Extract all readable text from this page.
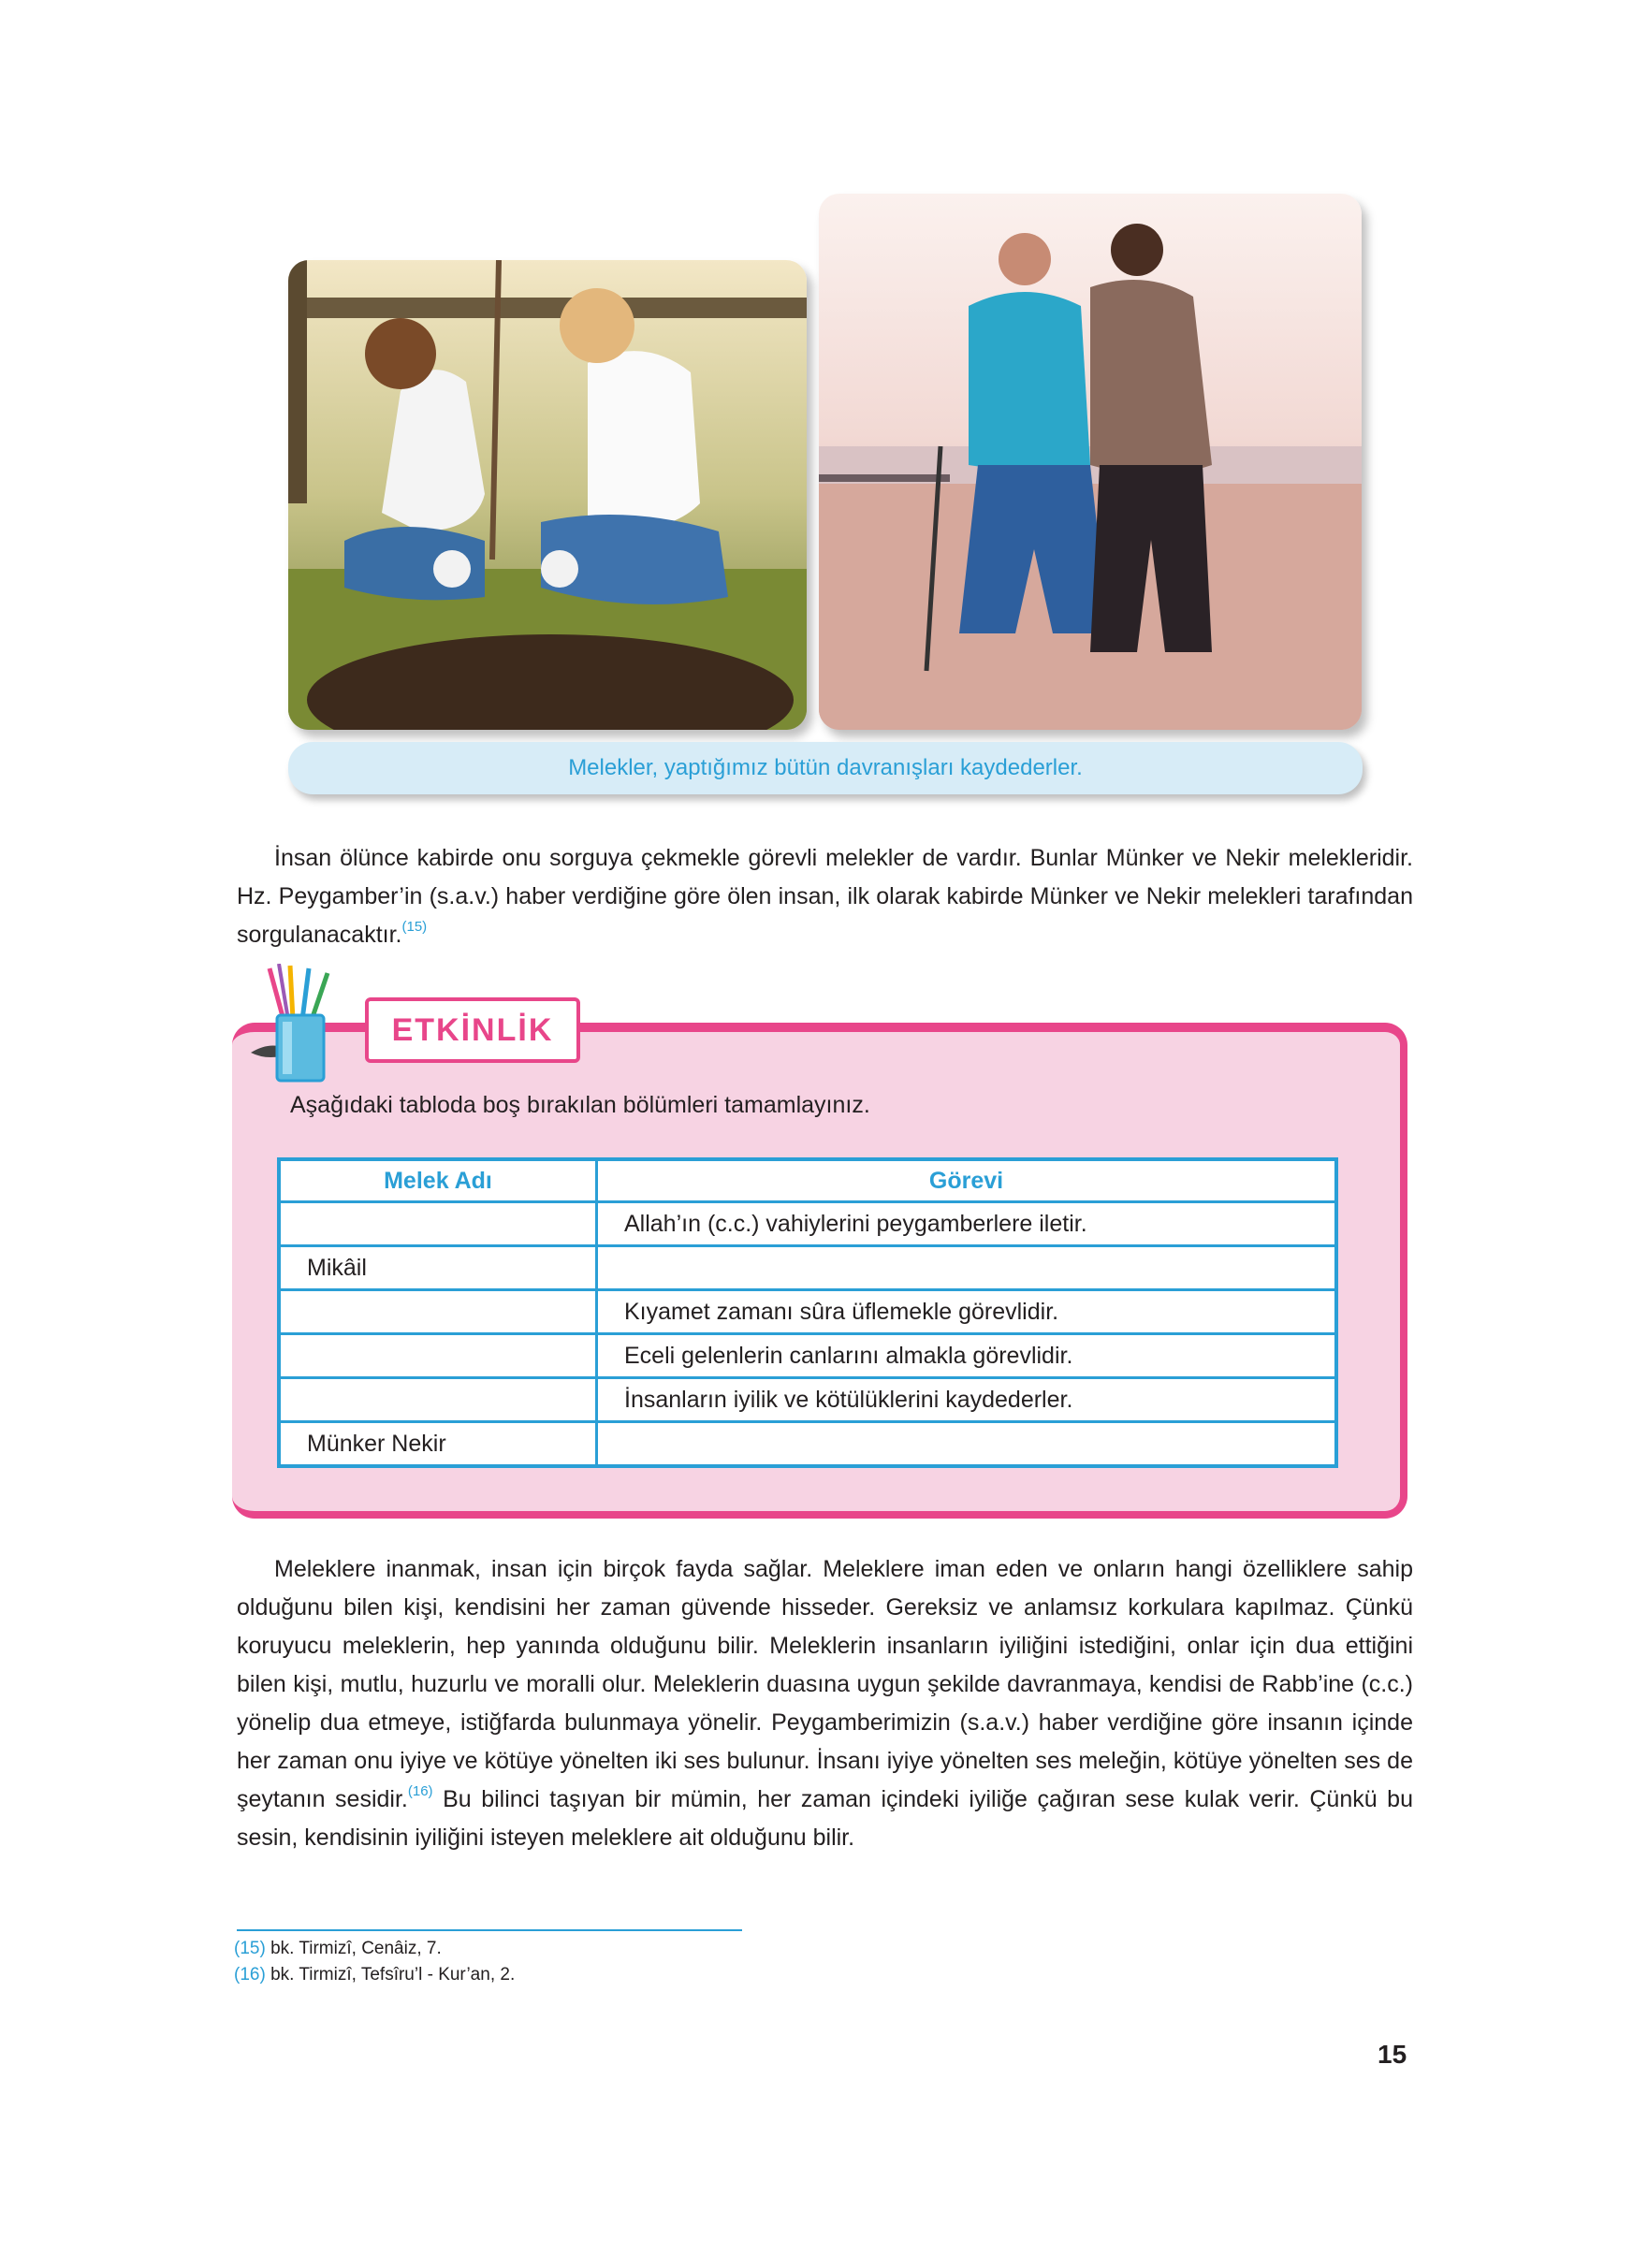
Melekler, yaptığımız bütün davranışları kaydederler.

İnsan ölünce kabirde onu sorguya çekmekle görevli melekler de vardır. Bunlar Münker ve Nekir melekleridir. Hz. Peygamber’in (s.a.v.) haber verdiğine göre ölen insan, ilk olarak kabirde Münker ve Nekir melekleri tarafından sorgulanacaktır.$^{(15)}$

ETKİNLİK
Aşağıdaki tabloda boş bırakılan bölümleri tamamlayınız.
Melek Adı	Görevi
	Allah’ın (c.c.) vahiylerini peygamberlere iletir.
Mikâil	
	Kıyamet zamanı sûra üflemekle görevlidir.
	Eceli gelenlerin canlarını almakla görevlidir.
	İnsanların iyilik ve kötülüklerini kaydederler.
Münker Nekir	

Meleklere inanmak, insan için birçok fayda sağlar. Meleklere iman eden ve onların hangi özelliklere sahip olduğunu bilen kişi, kendisini her zaman güvende hisseder. Gereksiz ve anlamsız korkulara kapılmaz. Çünkü koruyucu meleklerin, hep yanında olduğunu bilir. Meleklerin insanların iyiliğini istediğini, onlar için dua ettiğini bilen kişi, mutlu, huzurlu ve moralli olur. Meleklerin duasına uygun şekilde davranmaya, kendisi de Rabb’ine (c.c.) yönelip dua etmeye, istiğfarda bulunmaya yönelir. Peygamberimizin (s.a.v.) haber verdiğine göre insanın içinde her zaman onu iyiye ve kötüye yönelten iki ses bulunur. İnsanı iyiye yönelten ses meleğin, kötüye yönelten ses de şeytanın sesidir.$^{(16)}$ Bu bilinci taşıyan bir mümin, her zaman içindeki iyiliğe çağıran sese kulak verir. Çünkü bu sesin, kendisinin iyiliğini isteyen meleklere ait olduğunu bilir.

(15) bk. Tirmizî, Cenâiz, 7.
(16) bk. Tirmizî, Tefsîru’l - Kur’an, 2.
15
